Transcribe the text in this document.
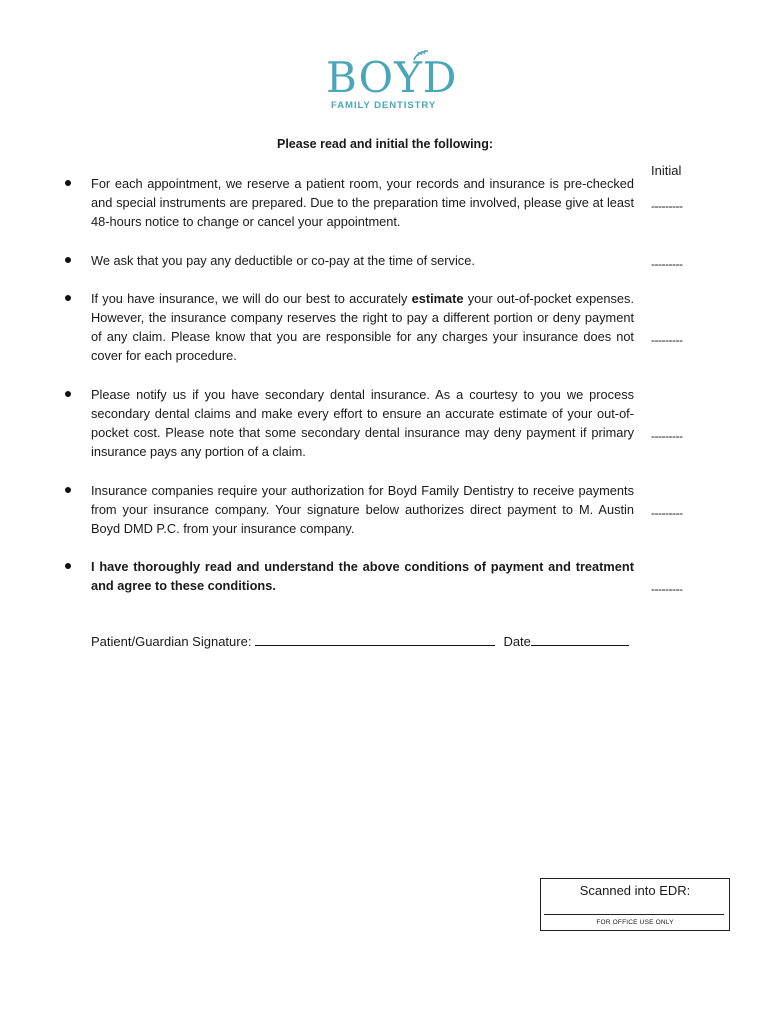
BOYD
FAMILY DENTISTRY
Please read and initial the following:
Initial
For each appointment, we reserve a patient room, your records and insurance is pre-checked and special instruments are prepared. Due to the preparation time involved, please give at least 48-hours notice to change or cancel your appointment.
---------
We ask that you pay any deductible or co-pay at the time of service.	---------
If you have insurance, we will do our best to accurately estimate your out-of-pocket expenses. However, the insurance company reserves the right to pay a different portion or deny payment of any claim. Please know that you are responsible for any charges your insurance does not cover for each procedure.
---------
Please notify us if you have secondary dental insurance. As a courtesy to you we process secondary dental claims and make every effort to ensure an accurate estimate of your out-of-pocket cost. Please note that some secondary dental insurance may deny payment if primary insurance pays any portion of a claim.
---------
Insurance companies require your authorization for Boyd Family Dentistry to receive payments from your insurance company. Your signature below authorizes direct payment to M. Austin Boyd DMD P.C. from your insurance company.
---------
I have thoroughly read and understand the above conditions of payment and treatment and agree to these conditions.	---------
Patient/Guardian Signature:	Date
Scanned into EDR:
FOR OFFICE USE ONLY
